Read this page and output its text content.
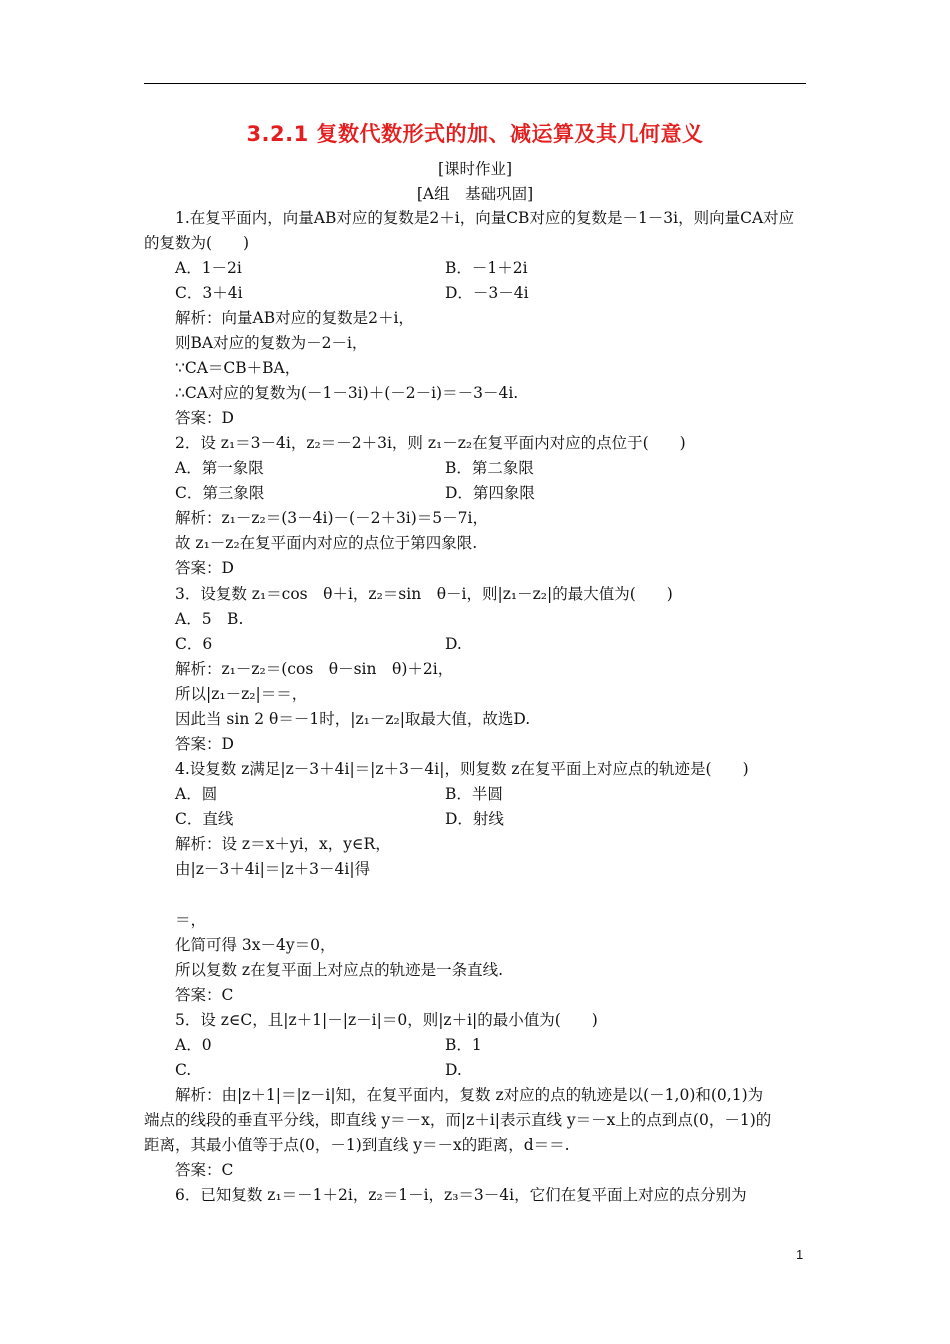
3.2.1 复数代数形式的加、减运算及其几何意义
[课时作业]
[A组　基础巩固]
1.在复平面内，向量AB对应的复数是2＋i，向量CB对应的复数是－1－3i，则向量CA对应
的复数为(　　)
A．1－2i	B．－1＋2i
C．3＋4i	D．－3－4i
解析：向量AB对应的复数是2＋i，
则BA对应的复数为－2－i，
∵CA＝CB＋BA，
∴CA对应的复数为(－1－3i)＋(－2－i)＝－3－4i.
答案：D
2．设 z₁＝3－4i，z₂＝－2＋3i，则 z₁－z₂在复平面内对应的点位于(　　)
A．第一象限	B．第二象限
C．第三象限	D．第四象限
解析：z₁－z₂＝(3－4i)－(－2＋3i)＝5－7i，
故 z₁－z₂在复平面内对应的点位于第四象限.
答案：D
3．设复数 z₁＝cos　θ＋i，z₂＝sin　θ－i，则|z₁－z₂|的最大值为(　　)
A．5　B.
C．6	D.
解析：z₁－z₂＝(cos　θ－sin　θ)＋2i，
所以|z₁－z₂|＝＝，
因此当 sin 2 θ＝－1时，|z₁－z₂|取最大值，故选D.
答案：D
4.设复数 z满足|z－3＋4i|＝|z＋3－4i|，则复数 z在复平面上对应点的轨迹是(　　)
A．圆	B．半圆
C．直线	D．射线
解析：设 z＝x＋yi，x，y∈R，
由|z－3＋4i|＝|z＋3－4i|得
＝，
化简可得 3x－4y＝0，
所以复数 z在复平面上对应点的轨迹是一条直线.
答案：C
5．设 z∈C，且|z＋1|－|z－i|＝0，则|z＋i|的最小值为(　　)
A．0	B．1
C.	D.
解析：由|z＋1|＝|z－i|知，在复平面内，复数 z对应的点的轨迹是以(－1,0)和(0,1)为
端点的线段的垂直平分线，即直线 y＝－x，而|z＋i|表示直线 y＝－x上的点到点(0，－1)的
距离，其最小值等于点(0，－1)到直线 y＝－x的距离，d＝＝.
答案：C
6．已知复数 z₁＝－1＋2i，z₂＝1－i，z₃＝3－4i，它们在复平面上对应的点分别为
1
